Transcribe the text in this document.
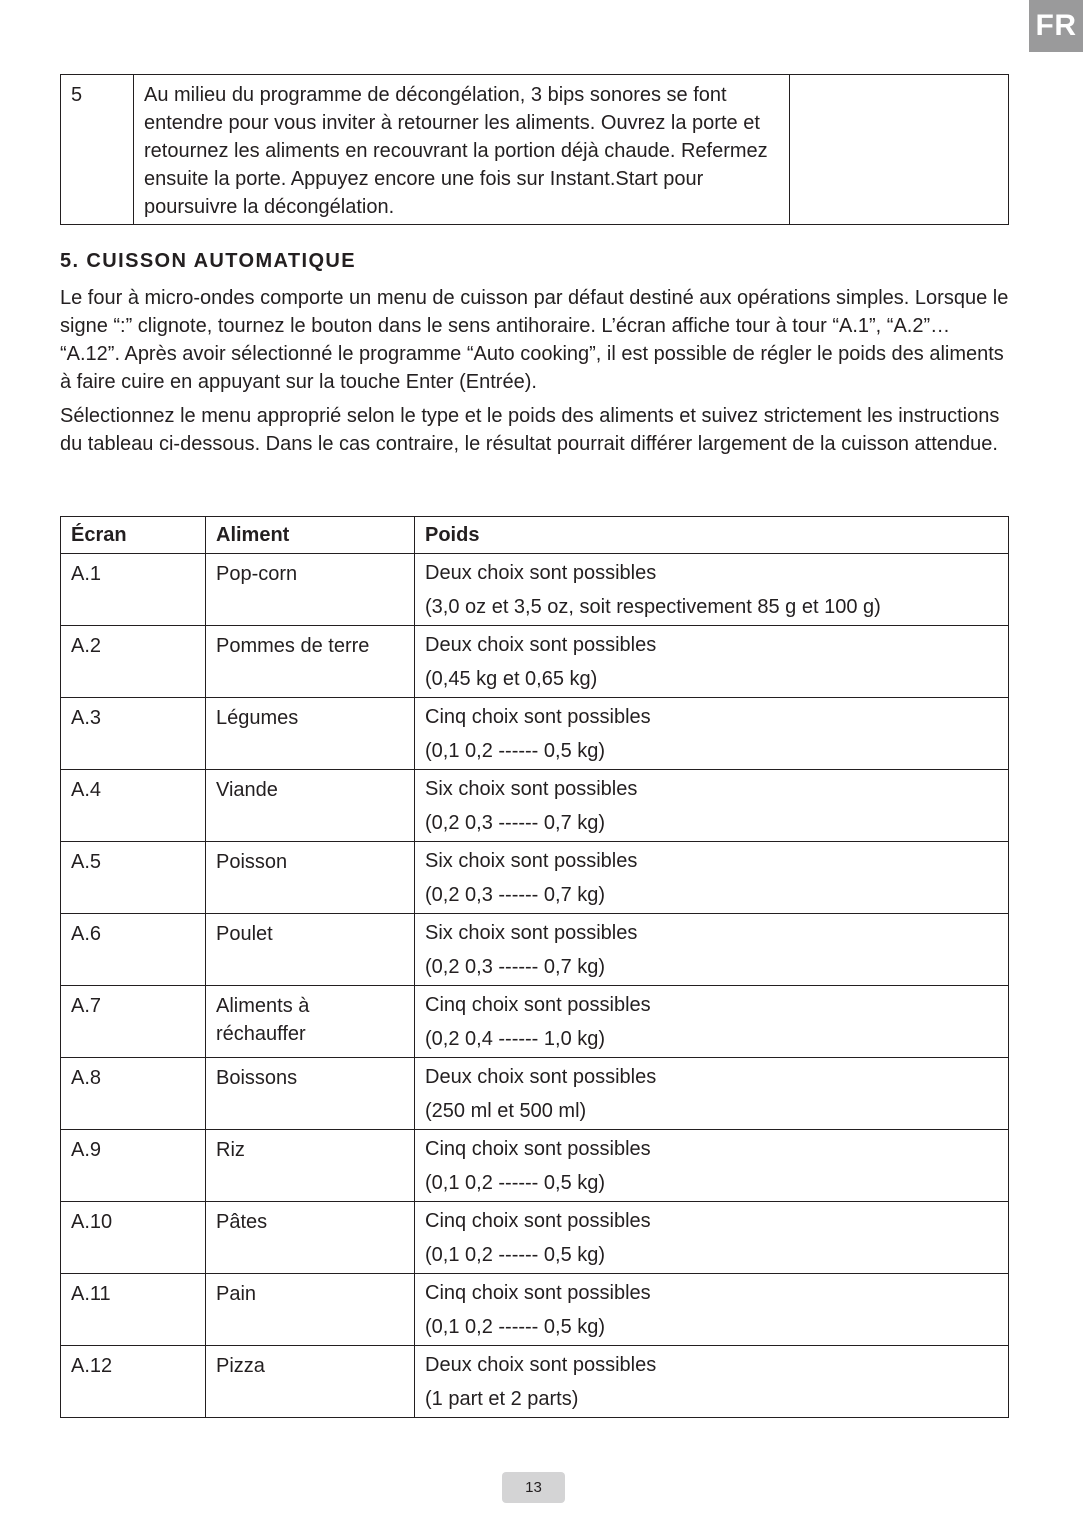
FR
5	Au milieu du programme de décongélation, 3 bips sonores se font entendre pour vous inviter à retourner les aliments. Ouvrez la porte et retournez les aliments en recouvrant la portion déjà chaude. Refermez ensuite la porte. Appuyez encore une fois sur Instant.Start pour poursuivre la décongélation.	
5. CUISSON AUTOMATIQUE

Le four à micro-ondes comporte un menu de cuisson par défaut destiné aux opérations simples. Lorsque le signe “:” clignote, tournez le bouton dans le sens antihoraire. L’écran affiche tour à tour “A.1”, “A.2”… “A.12”. Après avoir sélectionné le programme “Auto cooking”, il est possible de régler le poids des aliments à faire cuire en appuyant sur la touche Enter (Entrée).

Sélectionnez le menu approprié selon le type et le poids des aliments et suivez strictement les instructions du tableau ci-dessous. Dans le cas contraire, le résultat pourrait différer largement de la cuisson attendue.

Écran	Aliment	Poids
A.1	Pop-corn	Deux choix sont possibles
(3,0 oz et 3,5 oz, soit respectivement 85 g et 100 g)

A.2	Pommes de terre	Deux choix sont possibles
(0,45 kg et 0,65 kg)

A.3	Légumes	Cinq choix sont possibles
(0,1 0,2 ------ 0,5 kg)

A.4	Viande	Six choix sont possibles
(0,2 0,3 ------ 0,7 kg)

A.5	Poisson	Six choix sont possibles
(0,2 0,3 ------ 0,7 kg)

A.6	Poulet	Six choix sont possibles
(0,2 0,3 ------ 0,7 kg)

A.7	Aliments à réchauffer	Cinq choix sont possibles
(0,2 0,4 ------ 1,0 kg)

A.8	Boissons	Deux choix sont possibles
(250 ml et 500 ml)

A.9	Riz	Cinq choix sont possibles
(0,1 0,2 ------ 0,5 kg)

A.10	Pâtes	Cinq choix sont possibles
(0,1 0,2 ------ 0,5 kg)

A.11	Pain	Cinq choix sont possibles
(0,1 0,2 ------ 0,5 kg)

A.12	Pizza	Deux choix sont possibles
(1 part et 2 parts)
13
